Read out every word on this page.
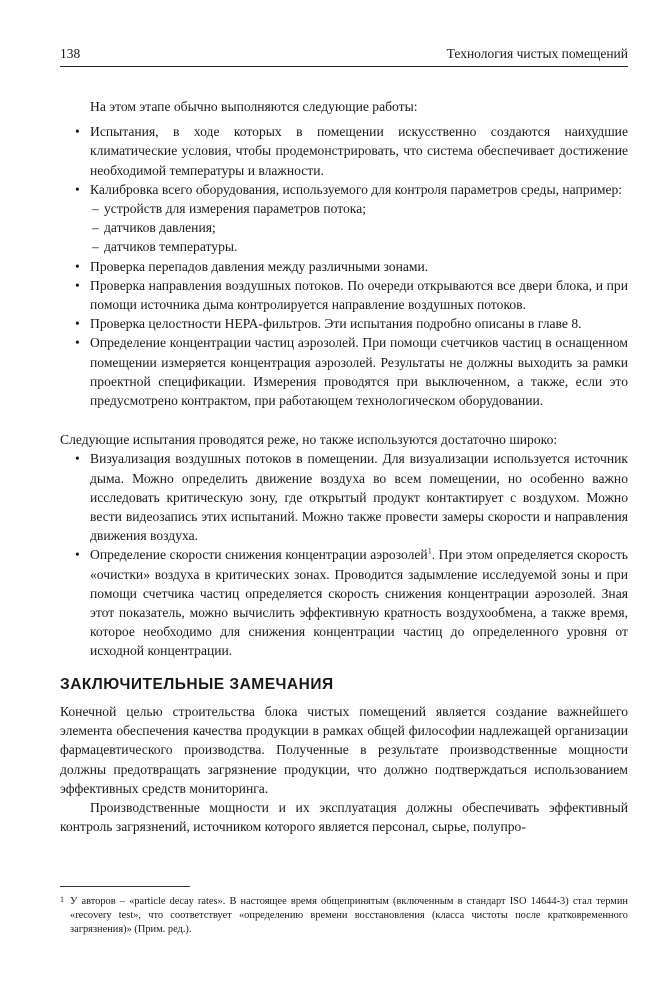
138	Технология чистых помещений

На этом этапе обычно выполняются следующие работы:

• Испытания, в ходе которых в помещении искусственно создаются наихудшие климатические условия, чтобы продемонстрировать, что система обеспечивает достижение необходимой температуры и влажности.
• Калибровка всего оборудования, используемого для контроля параметров среды, например:
– устройств для измерения параметров потока;
– датчиков давления;
– датчиков температуры.
• Проверка перепадов давления между различными зонами.
• Проверка направления воздушных потоков. По очереди открываются все двери блока, и при помощи источника дыма контролируется направление воздушных потоков.
• Проверка целостности НЕРА-фильтров. Эти испытания подробно описаны в главе 8.
• Определение концентрации частиц аэрозолей. При помощи счетчиков частиц в оснащенном помещении измеряется концентрация аэрозолей. Результаты не должны выходить за рамки проектной спецификации. Измерения проводятся при выключенном, а также, если это предусмотрено контрактом, при работающем технологическом оборудовании.

Следующие испытания проводятся реже, но также используются достаточно широко:

• Визуализация воздушных потоков в помещении. Для визуализации используется источник дыма. Можно определить движение воздуха во всем помещении, но особенно важно исследовать критическую зону, где открытый продукт контактирует с воздухом. Можно вести видеозапись этих испытаний. Можно также провести замеры скорости и направления движения воздуха.
• Определение скорости снижения концентрации аэрозолей$^1$. При этом определяется скорость «очистки» воздуха в критических зонах. Проводится задымление исследуемой зоны и при помощи счетчика частиц определяется скорость снижения концентрации аэрозолей. Зная этот показатель, можно вычислить эффективную кратность воздухообмена, а также время, которое необходимо для снижения концентрации частиц до определенного уровня от исходной концентрации.
ЗАКЛЮЧИТЕЛЬНЫЕ ЗАМЕЧАНИЯ

Конечной целью строительства блока чистых помещений является создание важнейшего элемента обеспечения качества продукции в рамках общей философии надлежащей организации фармацевтического производства. Полученные в результате производственные мощности должны предотвращать загрязнение продукции, что должно подтверждаться использованием эффективных средств мониторинга.

Производственные мощности и их эксплуатация должны обеспечивать эффективный контроль загрязнений, источником которого является персонал, сырье, полупро-

1 У авторов – «particle decay rates». В настоящее время общепринятым (включенным в стандарт ISO 14644-3) стал термин «recovery test», что соответствует «определению времени восстановления (класса чистоты после кратковременного загрязнения)» (Прим. ред.).
